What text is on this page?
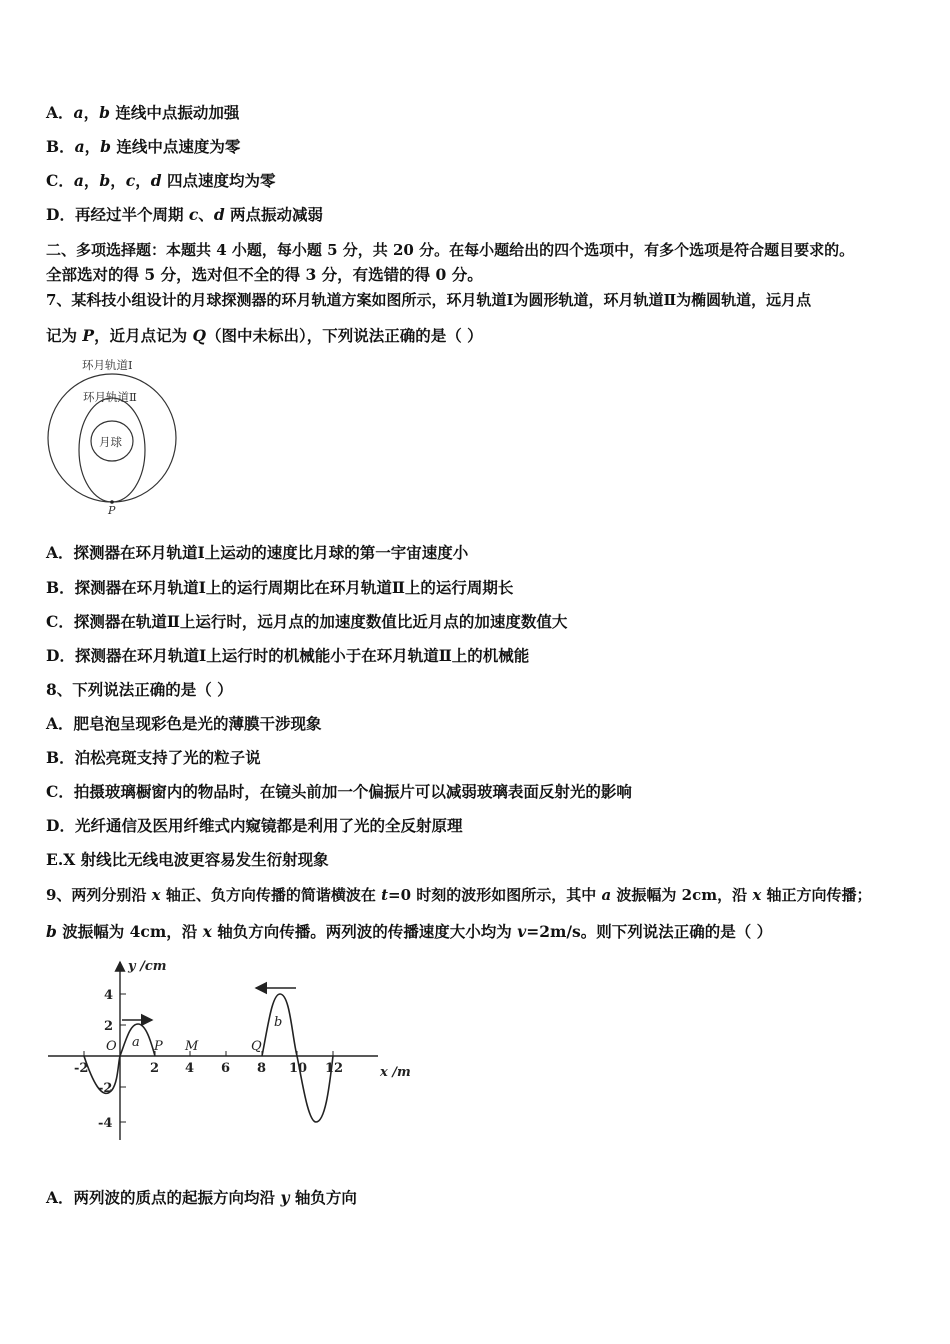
A．a，b 连线中点振动加强
B．a，b 连线中点速度为零
C．a，b，c，d 四点速度均为零
D．再经过半个周期 c、d 两点振动减弱
二、多项选择题：本题共 4 小题，每小题 5 分，共 20 分。在每小题给出的四个选项中，有多个选项是符合题目要求的。
全部选对的得 5 分，选对但不全的得 3 分，有选错的得 0 分。
7、某科技小组设计的月球探测器的环月轨道方案如图所示，环月轨道Ⅰ为圆形轨道，环月轨道Ⅱ为椭圆轨道，远月点
记为 P，近月点记为 Q（图中未标出），下列说法正确的是（ ）
环月轨道Ⅰ
环月轨道Ⅱ
月球
P
A．探测器在环月轨道Ⅰ上运动的速度比月球的第一宇宙速度小
B．探测器在环月轨道Ⅰ上的运行周期比在环月轨道Ⅱ上的运行周期长
C．探测器在轨道Ⅱ上运行时，远月点的加速度数值比近月点的加速度数值大
D．探测器在环月轨道Ⅰ上运行时的机械能小于在环月轨道Ⅱ上的机械能
8、下列说法正确的是（ ）
A．肥皂泡呈现彩色是光的薄膜干涉现象
B．泊松亮斑支持了光的粒子说
C．拍摄玻璃橱窗内的物品时，在镜头前加一个偏振片可以减弱玻璃表面反射光的影响
D．光纤通信及医用纤维式内窥镜都是利用了光的全反射原理
E.X 射线比无线电波更容易发生衍射现象
9、两列分别沿 x 轴正、负方向传播的简谐横波在 t=0 时刻的波形如图所示，其中 a 波振幅为 2cm，沿 x 轴正方向传播；
b 波振幅为 4cm，沿 x 轴负方向传播。两列波的传播速度大小均为 v=2m/s。则下列说法正确的是（ ）
y /cm
x /m
4
2
-2
-4
-2	2 4 6 8 10 12
O a P M	Q
b
A．两列波的质点的起振方向均沿 y 轴负方向
